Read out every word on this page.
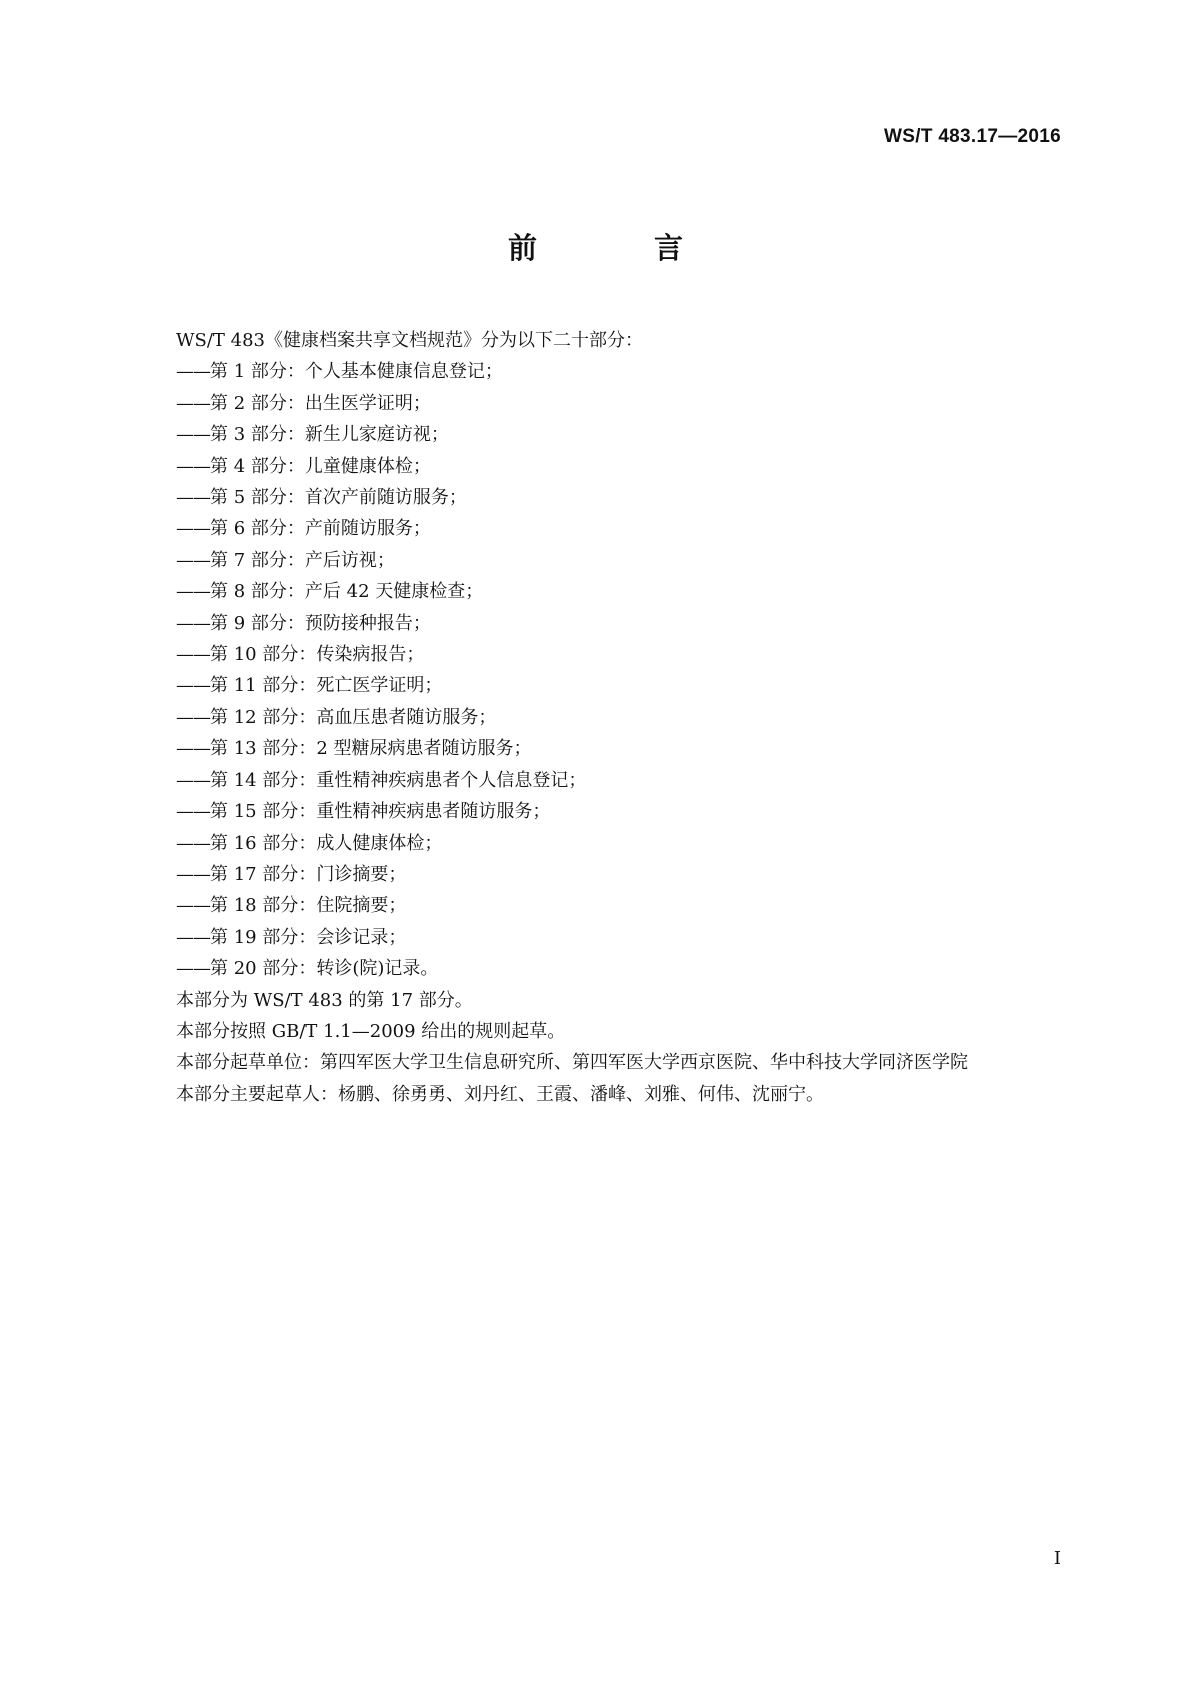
WS/T 483.17—2016
前　言

WS/T 483《健康档案共享文档规范》分为以下二十部分：

——第 1 部分：个人基本健康信息登记；
——第 2 部分：出生医学证明；
——第 3 部分：新生儿家庭访视；
——第 4 部分：儿童健康体检；
——第 5 部分：首次产前随访服务；
——第 6 部分：产前随访服务；
——第 7 部分：产后访视；
——第 8 部分：产后 42 天健康检查；
——第 9 部分：预防接种报告；
——第 10 部分：传染病报告；
——第 11 部分：死亡医学证明；
——第 12 部分：高血压患者随访服务；
——第 13 部分：2 型糖尿病患者随访服务；
——第 14 部分：重性精神疾病患者个人信息登记；
——第 15 部分：重性精神疾病患者随访服务；
——第 16 部分：成人健康体检；
——第 17 部分：门诊摘要；
——第 18 部分：住院摘要；
——第 19 部分：会诊记录；
——第 20 部分：转诊(院)记录。

本部分为 WS/T 483 的第 17 部分。

本部分按照 GB/T 1.1—2009 给出的规则起草。

本部分起草单位：第四军医大学卫生信息研究所、第四军医大学西京医院、华中科技大学同济医学院

本部分主要起草人：杨鹏、徐勇勇、刘丹红、王霞、潘峰、刘雅、何伟、沈丽宁。

I
